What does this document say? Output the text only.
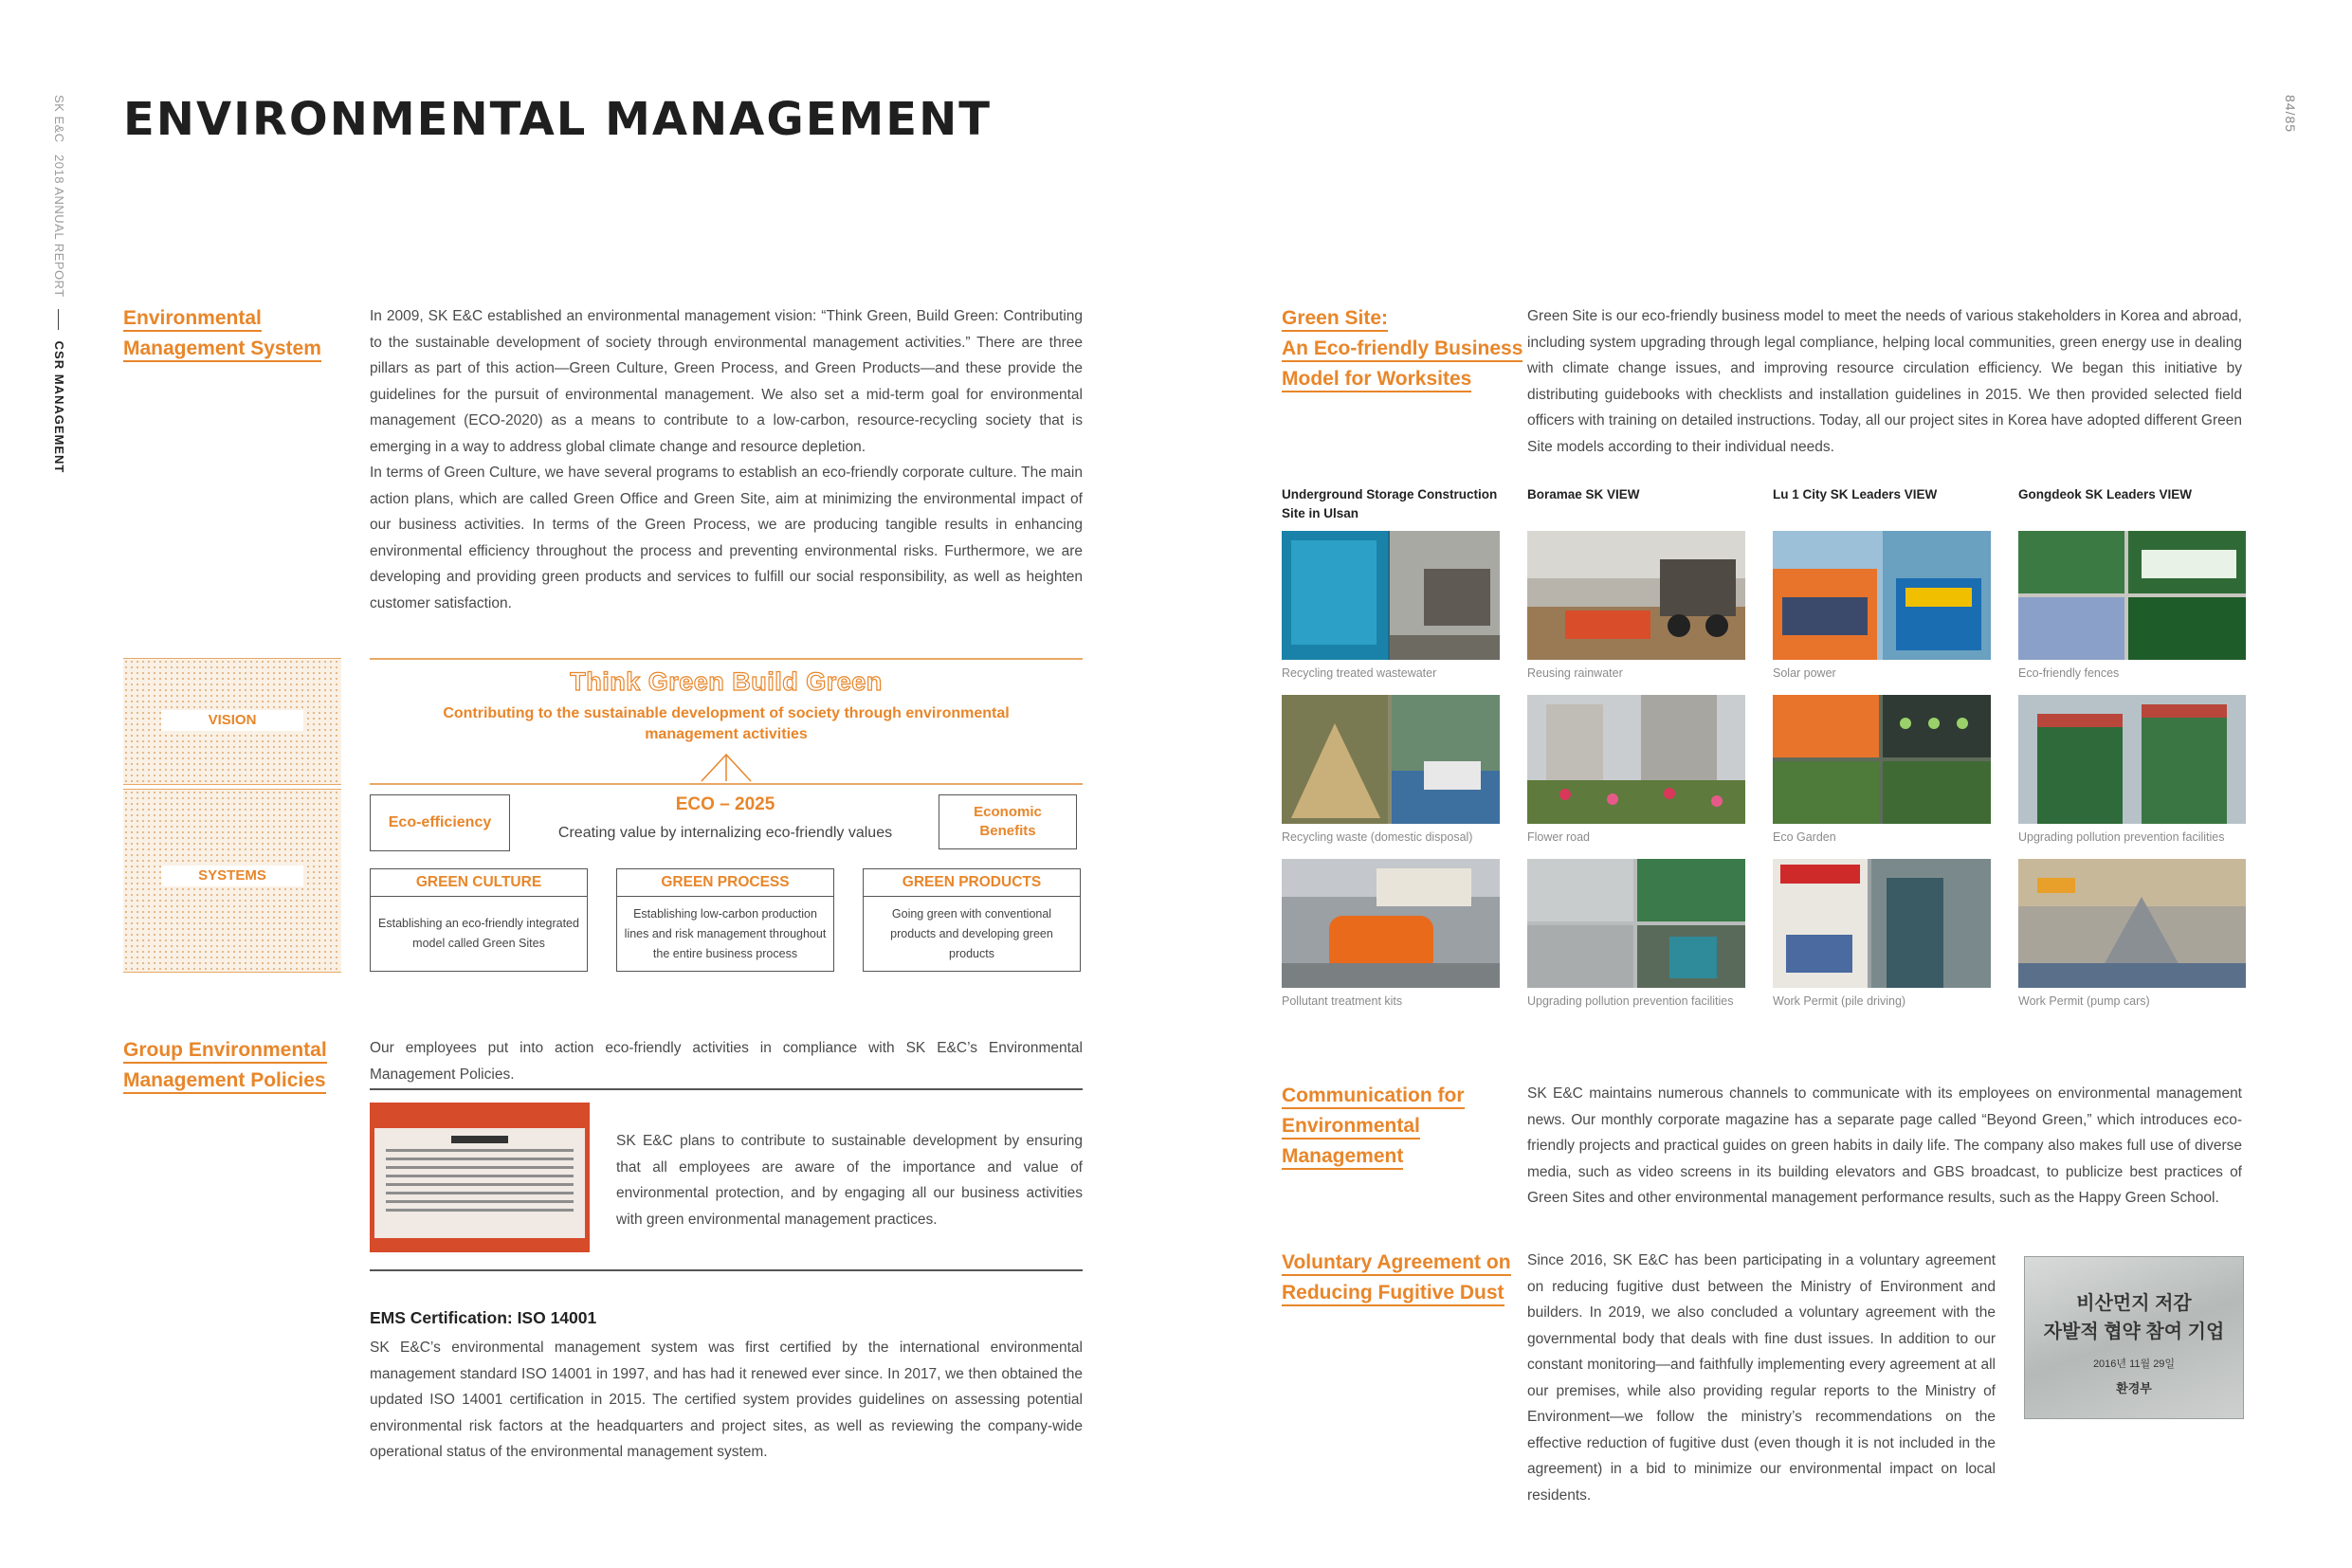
SK E&C   2018 ANNUAL REPORT  CSR MANAGEMENT
84/85
ENVIRONMENTAL MANAGEMENT
Environmental
Management System

In 2009, SK E&C established an environmental management vision: “Think Green, Build Green: Contributing to the sustainable development of society through environmental management activities.” There are three pillars as part of this action—Green Culture, Green Process, and Green Products—and these provide the guidelines for the pursuit of environmental management. We also set a mid-term goal for environmental management (ECO-2020) as a means to contribute to a low-carbon, resource-recycling society that is emerging in a way to address global climate change and resource depletion.

In terms of Green Culture, we have several programs to establish an eco-friendly corporate culture. The main action plans, which are called Green Office and Green Site, aim at minimizing the environmental impact of our business activities. In terms of the Green Process, we are producing tangible results in enhancing environmental efficiency throughout the process and preventing environmental risks. Furthermore, we are developing and providing green products and services to fulfill our social responsibility, as well as heighten customer satisfaction.

VISION
SYSTEMS
Think Green Build Green
Contributing to the sustainable development of society through environmental management activities
Eco-efficiency
ECO – 2025
Creating value by internalizing eco-friendly values
Economic Benefits
GREEN CULTURE
Establishing an eco-friendly integrated model called Green Sites
GREEN PROCESS
Establishing low-carbon production lines and risk management throughout the entire business process
GREEN PRODUCTS
Going green with conventional products and developing green products
Group Environmental
Management Policies
Our employees put into action eco-friendly activities in compliance with SK E&C’s Environmental Management Policies.
SK E&C plans to contribute to sustainable development by ensuring that all employees are aware of the importance and value of environmental protection, and by engaging all our business activities with green environmental management practices.
EMS Certification: ISO 14001
SK E&C’s environmental management system was first certified by the international environmental management standard ISO 14001 in 1997, and has had it renewed ever since. In 2017, we then obtained the updated ISO 14001 certification in 2015. The certified system provides guidelines on assessing potential environmental risk factors at the headquarters and project sites, as well as reviewing the company-wide operational status of the environmental management system.
Green Site:
An Eco-friendly Business
Model for Worksites
Green Site is our eco-friendly business model to meet the needs of various stakeholders in Korea and abroad, including system upgrading through legal compliance, helping local communities, green energy use in dealing with climate change issues, and improving resource circulation efficiency. We began this initiative by distributing guidebooks with checklists and installation guidelines in 2015. We then provided selected field officers with training on detailed instructions. Today, all our project sites in Korea have adopted different Green Site models according to their individual needs.
Underground Storage Construction
Site in Ulsan
Boramae SK VIEW	Lu 1 City SK Leaders VIEW	Gongdeok SK Leaders VIEW
Recycling treated wastewater	Reusing rainwater	Solar power	Eco-friendly fences
Recycling waste (domestic disposal)	Flower road	Eco Garden	Upgrading pollution prevention facilities
Pollutant treatment kits	Upgrading pollution prevention facilities	Work Permit (pile driving)	Work Permit (pump cars)
Communication for
Environmental
Management
SK E&C maintains numerous channels to communicate with its employees on environmental management news. Our monthly corporate magazine has a separate page called “Beyond Green,” which introduces eco-friendly projects and practical guides on green habits in daily life. The company also makes full use of diverse media, such as video screens in its building elevators and GBS broadcast, to publicize best practices of Green Sites and other environmental management performance results, such as the Happy Green School.
Voluntary Agreement on
Reducing Fugitive Dust
Since 2016, SK E&C has been participating in a voluntary agreement on reducing fugitive dust between the Ministry of Environment and builders. In 2019, we also concluded a voluntary agreement with the governmental body that deals with fine dust issues. In addition to our constant monitoring—and faithfully implementing every agreement at all our premises, while also providing regular reports to the Ministry of Environment—we follow the ministry’s recommendations on the effective reduction of fugitive dust (even though it is not included in the agreement) in a bid to minimize our environmental impact on local residents.
비산먼지 저감
자발적 협약 참여 기업
2016년 11월 29일
환경부
